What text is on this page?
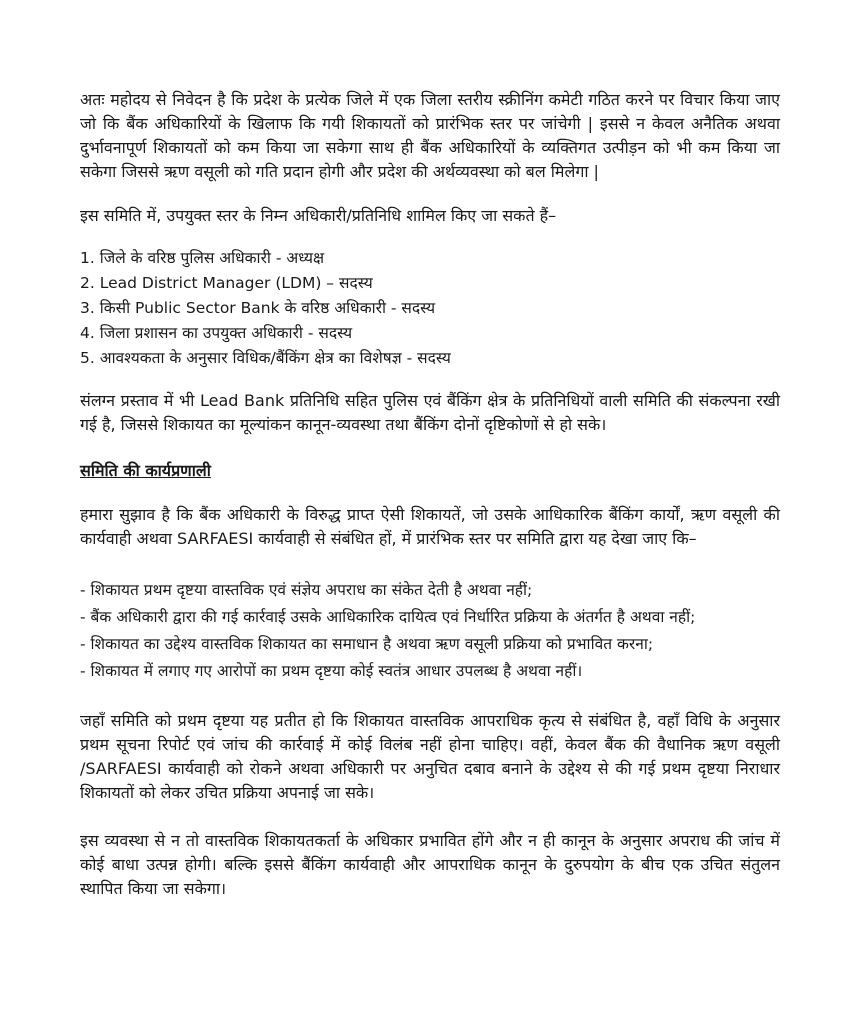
अतः महोदय से निवेदन है कि प्रदेश के प्रत्येक जिले में एक जिला स्तरीय स्क्रीनिंग कमेटी गठित करने पर विचार किया जाए जो कि बैंक अधिकारियों के खिलाफ कि गयी शिकायतों को प्रारंभिक स्तर पर जांचेगी | इससे न केवल अनैतिक अथवा दुर्भावनापूर्ण शिकायतों को कम किया जा सकेगा साथ ही बैंक अधिकारियों के व्यक्तिगत उत्पीड़न को भी कम किया जा सकेगा जिससे ऋण वसूली को गति प्रदान होगी और प्रदेश की अर्थव्यवस्था को बल मिलेगा |

इस समिति में, उपयुक्त स्तर के निम्न अधिकारी/प्रतिनिधि शामिल किए जा सकते हैं–

1. जिले के वरिष्ठ पुलिस अधिकारी - अध्यक्ष
2. Lead District Manager (LDM) – सदस्य
3. किसी Public Sector Bank के वरिष्ठ अधिकारी - सदस्य
4. जिला प्रशासन का उपयुक्त अधिकारी - सदस्य
5. आवश्यकता के अनुसार विधिक/बैंकिंग क्षेत्र का विशेषज्ञ - सदस्य

संलग्न प्रस्ताव में भी Lead Bank प्रतिनिधि सहित पुलिस एवं बैंकिंग क्षेत्र के प्रतिनिधियों वाली समिति की संकल्पना रखी गई है, जिससे शिकायत का मूल्यांकन कानून-व्यवस्था तथा बैंकिंग दोनों दृष्टिकोणों से हो सके।

समिति की कार्यप्रणाली

हमारा सुझाव है कि बैंक अधिकारी के विरुद्ध प्राप्त ऐसी शिकायतें, जो उसके आधिकारिक बैंकिंग कार्यों, ऋण वसूली की कार्यवाही अथवा SARFAESI कार्यवाही से संबंधित हों, में प्रारंभिक स्तर पर समिति द्वारा यह देखा जाए कि–

- शिकायत प्रथम दृष्टया वास्तविक एवं संज्ञेय अपराध का संकेत देती है अथवा नहीं;
- बैंक अधिकारी द्वारा की गई कार्रवाई उसके आधिकारिक दायित्व एवं निर्धारित प्रक्रिया के अंतर्गत है अथवा नहीं;
- शिकायत का उद्देश्य वास्तविक शिकायत का समाधान है अथवा ऋण वसूली प्रक्रिया को प्रभावित करना;
- शिकायत में लगाए गए आरोपों का प्रथम दृष्टया कोई स्वतंत्र आधार उपलब्ध है अथवा नहीं।

जहाँ समिति को प्रथम दृष्टया यह प्रतीत हो कि शिकायत वास्तविक आपराधिक कृत्य से संबंधित है, वहाँ विधि के अनुसार प्रथम सूचना रिपोर्ट एवं जांच की कार्रवाई में कोई विलंब नहीं होना चाहिए। वहीं, केवल बैंक की वैधानिक ऋण वसूली /SARFAESI कार्यवाही को रोकने अथवा अधिकारी पर अनुचित दबाव बनाने के उद्देश्य से की गई प्रथम दृष्टया निराधार शिकायतों को लेकर उचित प्रक्रिया अपनाई जा सके।

इस व्यवस्था से न तो वास्तविक शिकायतकर्ता के अधिकार प्रभावित होंगे और न ही कानून के अनुसार अपराध की जांच में कोई बाधा उत्पन्न होगी। बल्कि इससे बैंकिंग कार्यवाही और आपराधिक कानून के दुरुपयोग के बीच एक उचित संतुलन स्थापित किया जा सकेगा।
